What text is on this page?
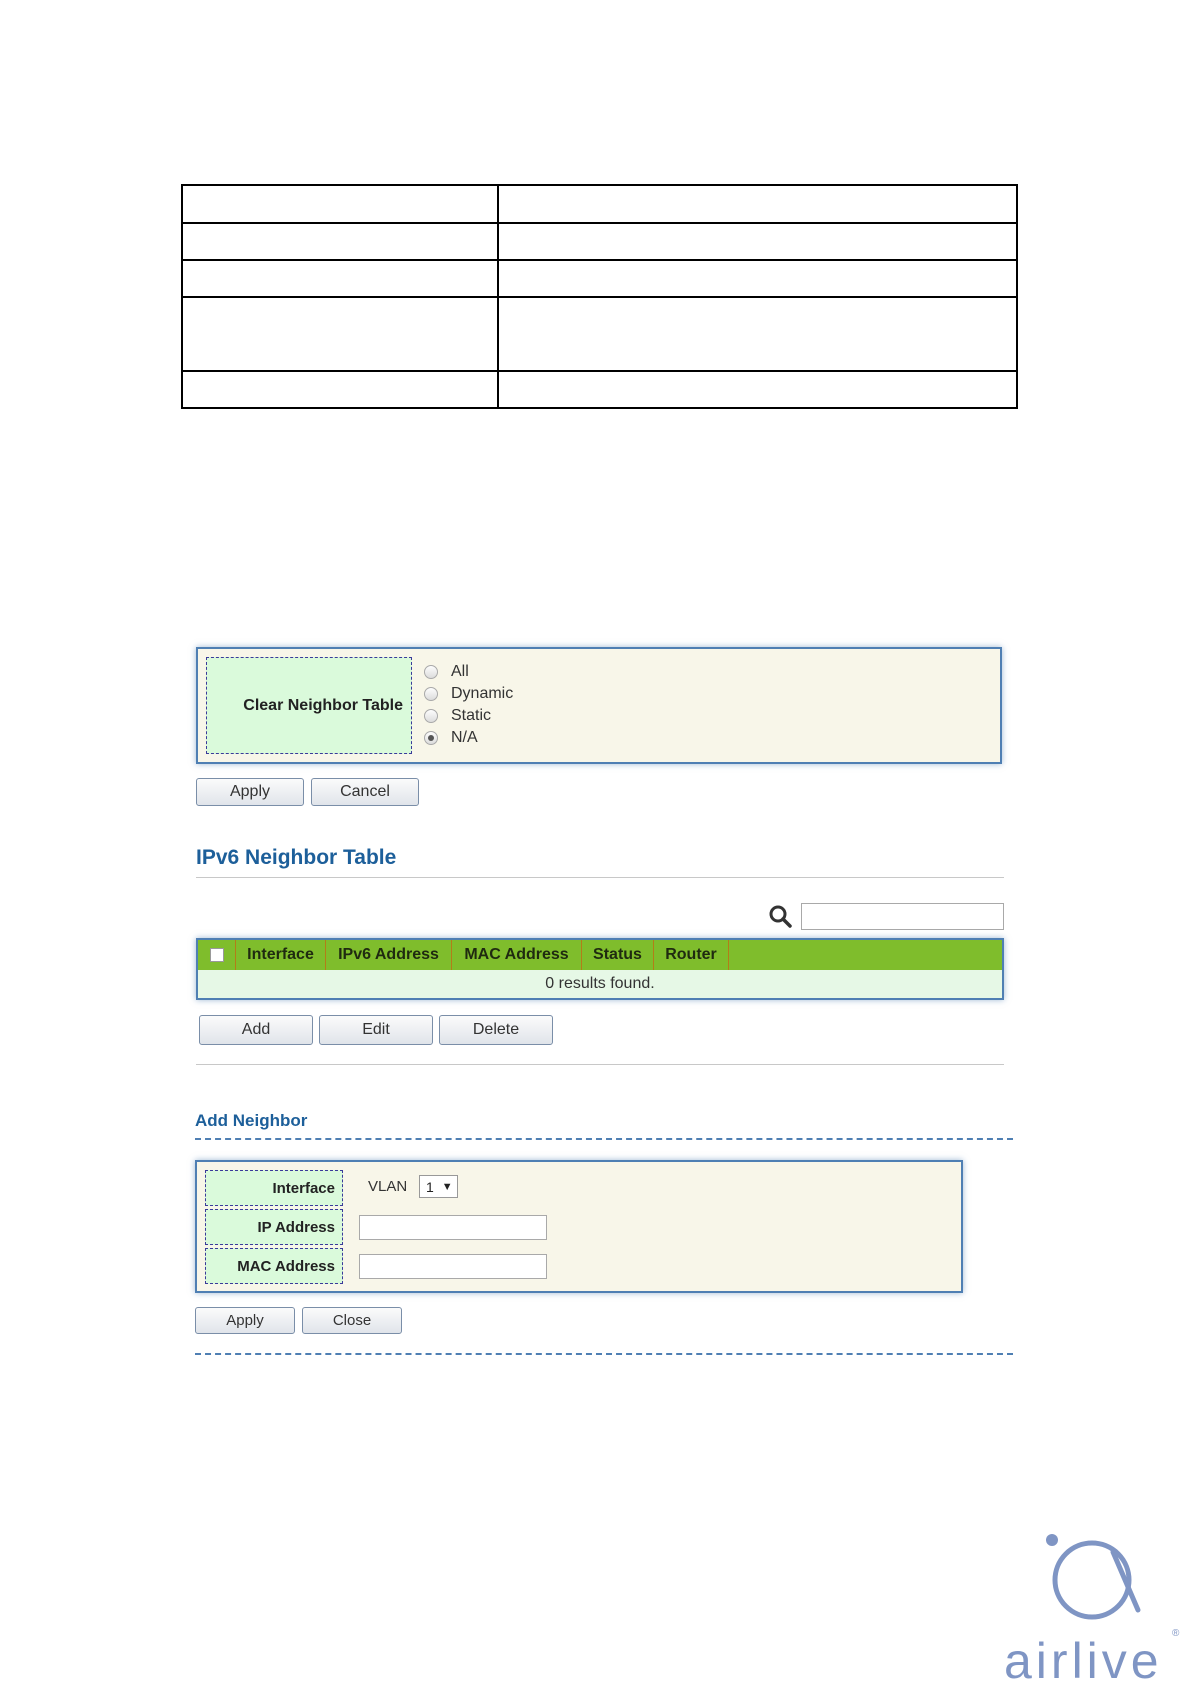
Clear Neighbor Table
All
Dynamic
Static
N/A
Apply	Cancel
IPv6 Neighbor Table
Interface	IPv6 Address	MAC Address	Status	Router
0 results found.
Add	Edit	Delete
Add Neighbor
Interface	VLAN 1 ▼
IP Address
MAC Address
Apply	Close
airlive ®
